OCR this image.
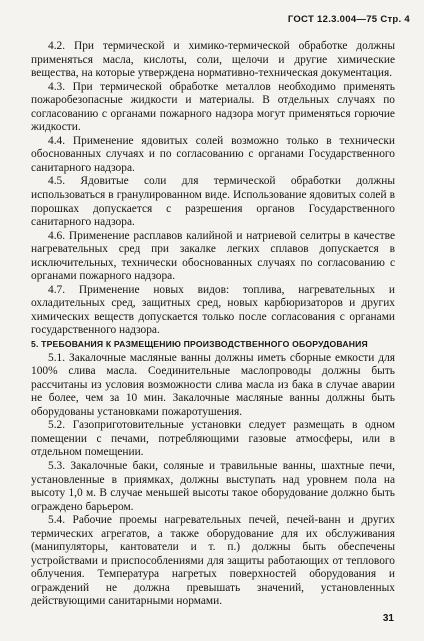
ГОСТ 12.3.004—75 Стр. 4

4.2. При термической и химико-термической обработке должны применяться масла, кислоты, соли, щелочи и другие химические вещества, на которые утверждена нормативно-техническая документация.

4.3. При термической обработке металлов необходимо применять пожаробезопасные жидкости и материалы. В отдельных случаях по согласованию с органами пожарного надзора могут применяться горючие жидкости.

4.4. Применение ядовитых солей возможно только в технически обоснованных случаях и по согласованию с органами Государственного санитарного надзора.

4.5. Ядовитые соли для термической обработки должны использоваться в гранулированном виде. Использование ядовитых солей в порошках допускается с разрешения органов Государственного санитарного надзора.

4.6. Применение расплавов калийной и натриевой селитры в качестве нагревательных сред при закалке легких сплавов допускается в исключительных, технически обоснованных случаях по согласованию с органами пожарного надзора.

4.7. Применение новых видов: топлива, нагревательных и охладительных сред, защитных сред, новых карбюризаторов и других химических веществ допускается только после согласования с органами государственного надзора.

5. ТРЕБОВАНИЯ К РАЗМЕЩЕНИЮ ПРОИЗВОДСТВЕННОГО ОБОРУДОВАНИЯ

5.1. Закалочные масляные ванны должны иметь сборные емкости для 100% слива масла. Соединительные маслопроводы должны быть рассчитаны из условия возможности слива масла из бака в случае аварии не более, чем за 10 мин. Закалочные масляные ванны должны быть оборудованы установками пожаротушения.

5.2. Газоприготовительные установки следует размещать в одном помещении с печами, потребляющими газовые атмосферы, или в отдельном помещении.

5.3. Закалочные баки, соляные и травильные ванны, шахтные печи, установленные в приямках, должны выступать над уровнем пола на высоту 1,0 м. В случае меньшей высоты такое оборудование должно быть ограждено барьером.

5.4. Рабочие проемы нагревательных печей, печей-ванн и других термических агрегатов, а также оборудование для их обслуживания (манипуляторы, кантователи и т. п.) должны быть обеспечены устройствами и приспособлениями для защиты работающих от теплового облучения. Температура нагретых поверхностей оборудования и ограждений не должна превышать значений, установленных действующими санитарными нормами.

31
